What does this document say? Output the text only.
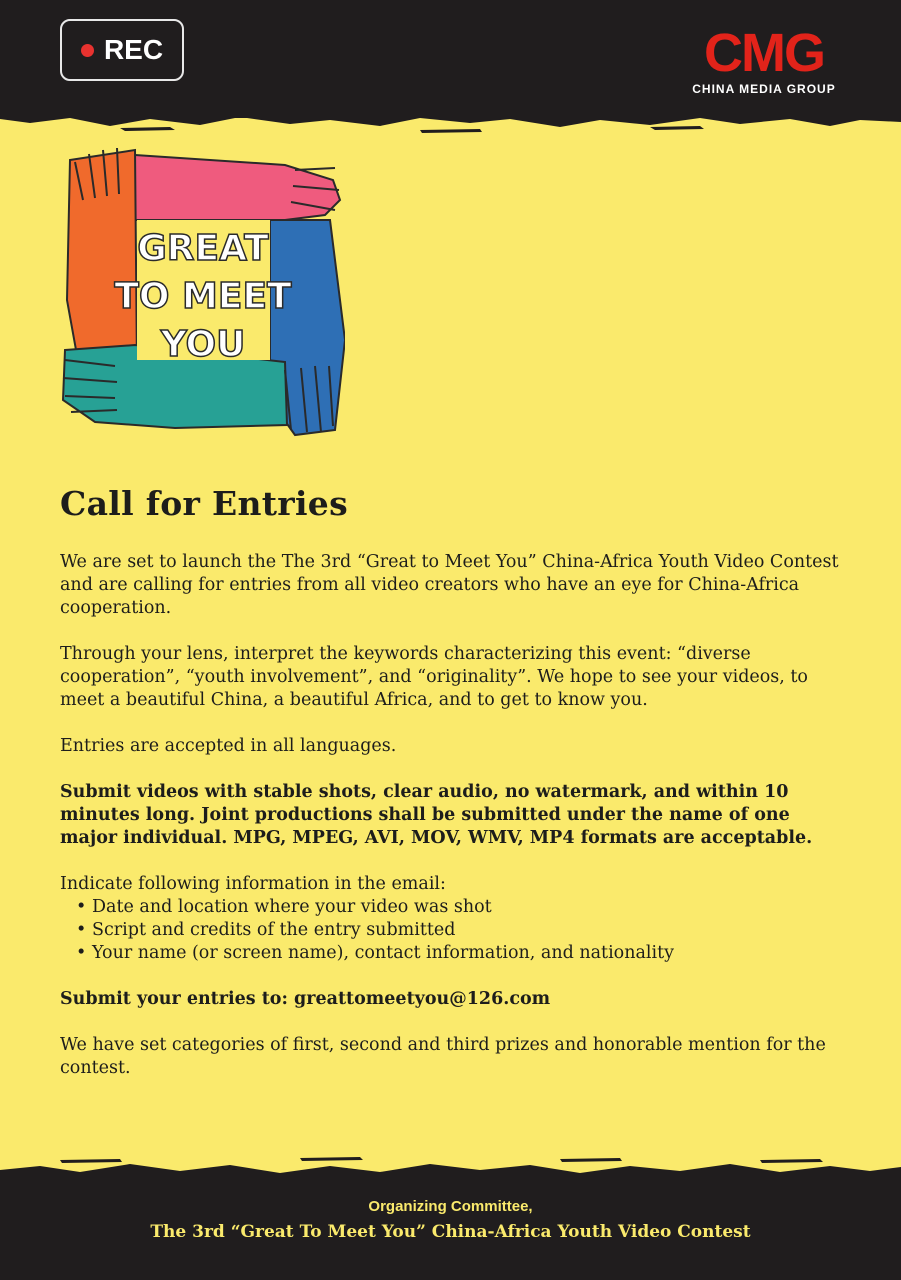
REC	CMG
CHINA MEDIA GROUP
GREAT
TO MEET
YOU
Call for Entries

We are set to launch the The 3rd “Great to Meet You” China-Africa Youth Video Contest and are calling for entries from all video creators who have an eye for China-Africa cooperation.

Through your lens, interpret the keywords characterizing this event: “diverse cooperation”, “youth involvement”, and “originality”. We hope to see your videos, to meet a beautiful China, a beautiful Africa, and to get to know you.

Entries are accepted in all languages.

Submit videos with stable shots, clear audio, no watermark, and within 10 minutes long. Joint productions shall be submitted under the name of one major individual. MPG, MPEG, AVI, MOV, WMV, MP4 formats are acceptable.

Indicate following information in the email:
• Date and location where your video was shot
• Script and credits of the entry submitted
• Your name (or screen name), contact information, and nationality

Submit your entries to: greattomeetyou@126.com

We have set categories of first, second and third prizes and honorable mention for the contest.

Organizing Committee,
The 3rd “Great To Meet You” China-Africa Youth Video Contest
